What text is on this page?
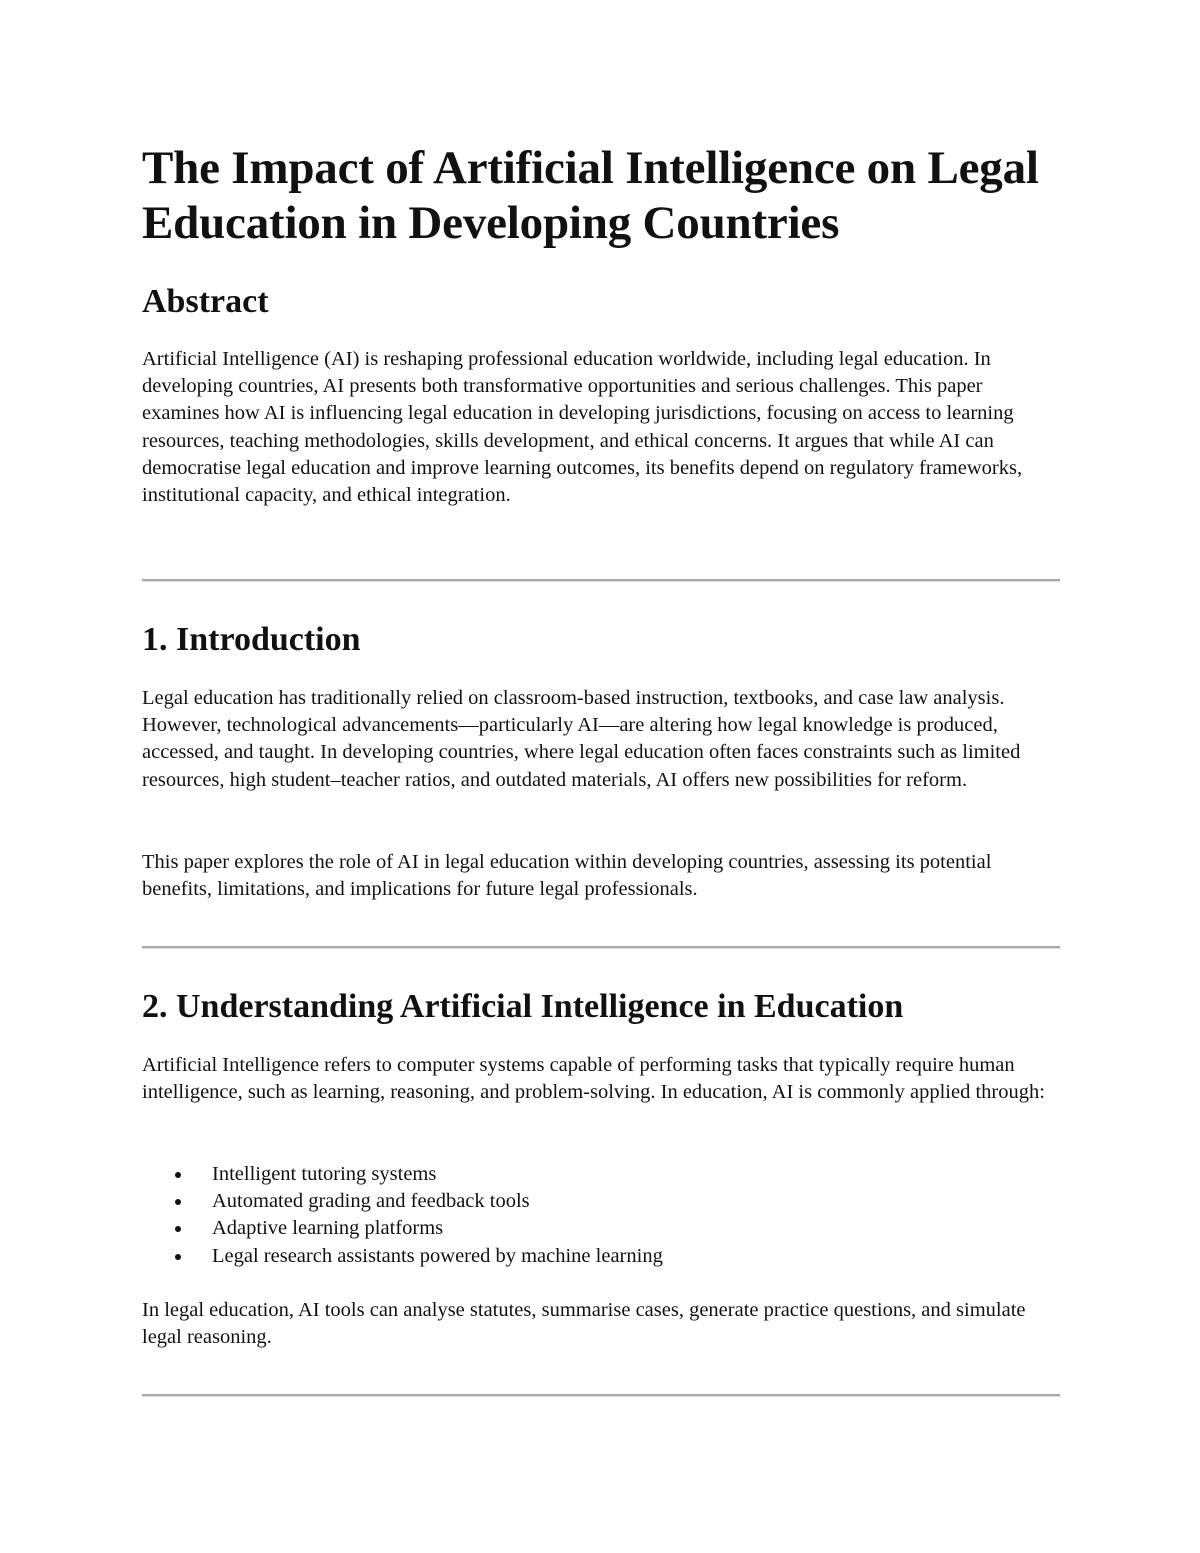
The Impact of Artificial Intelligence on Legal Education in Developing Countries
Abstract

Artificial Intelligence (AI) is reshaping professional education worldwide, including legal education. In developing countries, AI presents both transformative opportunities and serious challenges. This paper examines how AI is influencing legal education in developing jurisdictions, focusing on access to learning resources, teaching methodologies, skills development, and ethical concerns. It argues that while AI can democratise legal education and improve learning outcomes, its benefits depend on regulatory frameworks, institutional capacity, and ethical integration.

1. Introduction

Legal education has traditionally relied on classroom-based instruction, textbooks, and case law analysis. However, technological advancements—particularly AI—are altering how legal knowledge is produced, accessed, and taught. In developing countries, where legal education often faces constraints such as limited resources, high student–teacher ratios, and outdated materials, AI offers new possibilities for reform.

This paper explores the role of AI in legal education within developing countries, assessing its potential benefits, limitations, and implications for future legal professionals.

2. Understanding Artificial Intelligence in Education

Artificial Intelligence refers to computer systems capable of performing tasks that typically require human intelligence, such as learning, reasoning, and problem-solving. In education, AI is commonly applied through:

Intelligent tutoring systems
Automated grading and feedback tools
Adaptive learning platforms
Legal research assistants powered by machine learning

In legal education, AI tools can analyse statutes, summarise cases, generate practice questions, and simulate legal reasoning.
